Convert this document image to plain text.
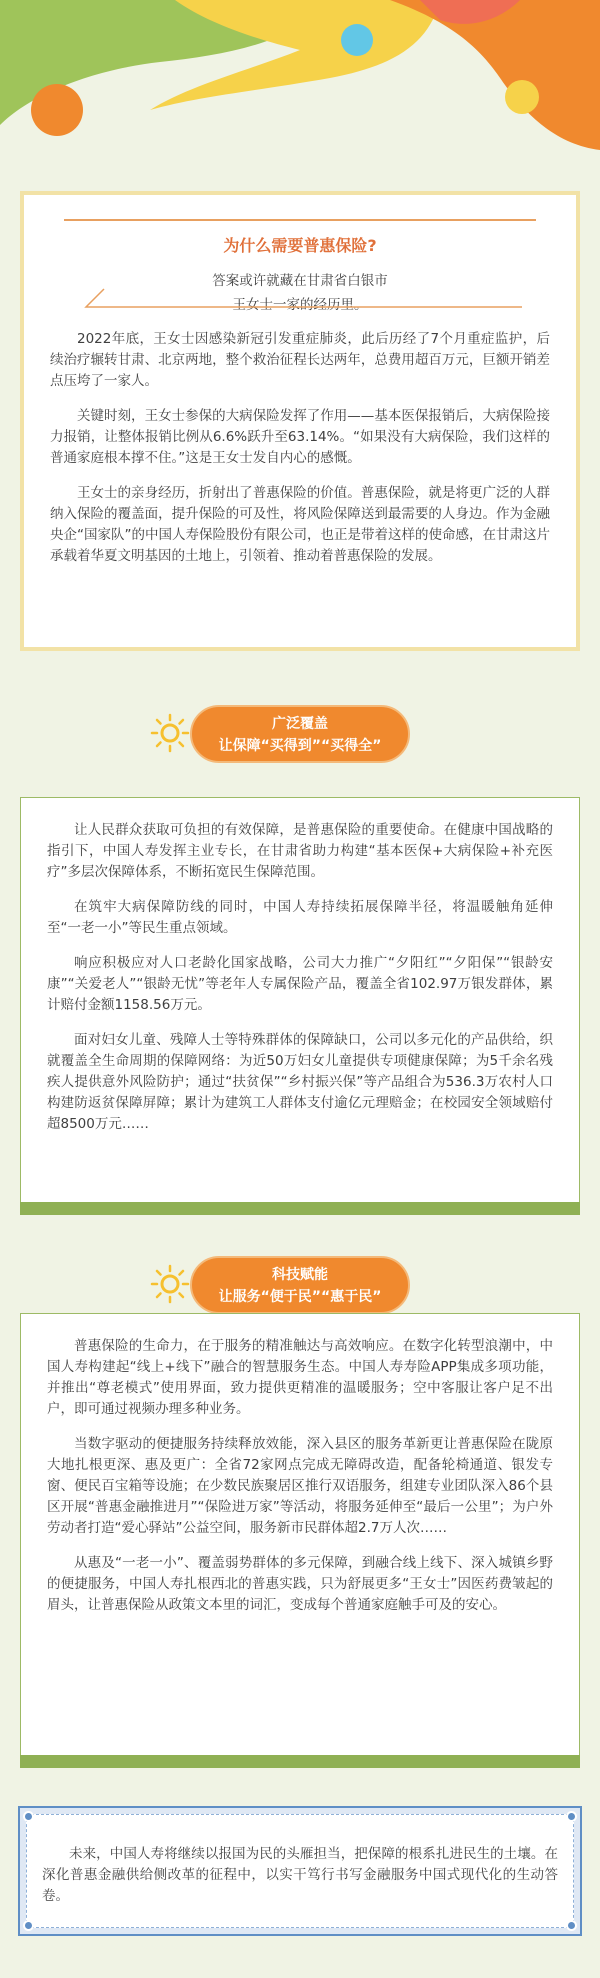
为什么需要普惠保险?
答案或许就藏在甘肃省白银市
王女士一家的经历里。

2022年底，王女士因感染新冠引发重症肺炎，此后历经了7个月重症监护，后续治疗辗转甘肃、北京两地，整个救治征程长达两年，总费用超百万元，巨额开销差点压垮了一家人。

关键时刻，王女士参保的大病保险发挥了作用——基本医保报销后，大病保险接力报销，让整体报销比例从6.6%跃升至63.14%。“如果没有大病保险，我们这样的普通家庭根本撑不住。”这是王女士发自内心的感慨。

王女士的亲身经历，折射出了普惠保险的价值。普惠保险，就是将更广泛的人群纳入保险的覆盖面，提升保险的可及性，将风险保障送到最需要的人身边。作为金融央企“国家队”的中国人寿保险股份有限公司，也正是带着这样的使命感，在甘肃这片承载着华夏文明基因的土地上，引领着、推动着普惠保险的发展。

广泛覆盖
让保障“买得到”“买得全”

让人民群众获取可负担的有效保障，是普惠保险的重要使命。在健康中国战略的指引下，中国人寿发挥主业专长，在甘肃省助力构建“基本医保+大病保险+补充医疗”多层次保障体系，不断拓宽民生保障范围。

在筑牢大病保障防线的同时，中国人寿持续拓展保障半径，将温暖触角延伸至“一老一小”等民生重点领域。

响应积极应对人口老龄化国家战略，公司大力推广“夕阳红”“夕阳保”“银龄安康”“关爱老人”“银龄无忧”等老年人专属保险产品，覆盖全省102.97万银发群体，累计赔付金额1158.56万元。

面对妇女儿童、残障人士等特殊群体的保障缺口，公司以多元化的产品供给，织就覆盖全生命周期的保障网络：为近50万妇女儿童提供专项健康保障；为5千余名残疾人提供意外风险防护；通过“扶贫保”“乡村振兴保”等产品组合为536.3万农村人口构建防返贫保障屏障；累计为建筑工人群体支付逾亿元理赔金；在校园安全领域赔付超8500万元……

科技赋能
让服务“便于民”“惠于民”

普惠保险的生命力，在于服务的精准触达与高效响应。在数字化转型浪潮中，中国人寿构建起“线上+线下”融合的智慧服务生态。中国人寿寿险APP集成多项功能，并推出“尊老模式”使用界面，致力提供更精准的温暖服务；空中客服让客户足不出户，即可通过视频办理多种业务。

当数字驱动的便捷服务持续释放效能，深入县区的服务革新更让普惠保险在陇原大地扎根更深、惠及更广：全省72家网点完成无障碍改造，配备轮椅通道、银发专窗、便民百宝箱等设施；在少数民族聚居区推行双语服务，组建专业团队深入86个县区开展“普惠金融推进月”“保险进万家”等活动，将服务延伸至“最后一公里”；为户外劳动者打造“爱心驿站”公益空间，服务新市民群体超2.7万人次……

从惠及“一老一小”、覆盖弱势群体的多元保障，到融合线上线下、深入城镇乡野的便捷服务，中国人寿扎根西北的普惠实践，只为舒展更多“王女士”因医药费皱起的眉头，让普惠保险从政策文本里的词汇，变成每个普通家庭触手可及的安心。

未来，中国人寿将继续以报国为民的头雁担当，把保障的根系扎进民生的土壤。在深化普惠金融供给侧改革的征程中，以实干笃行书写金融服务中国式现代化的生动答卷。
